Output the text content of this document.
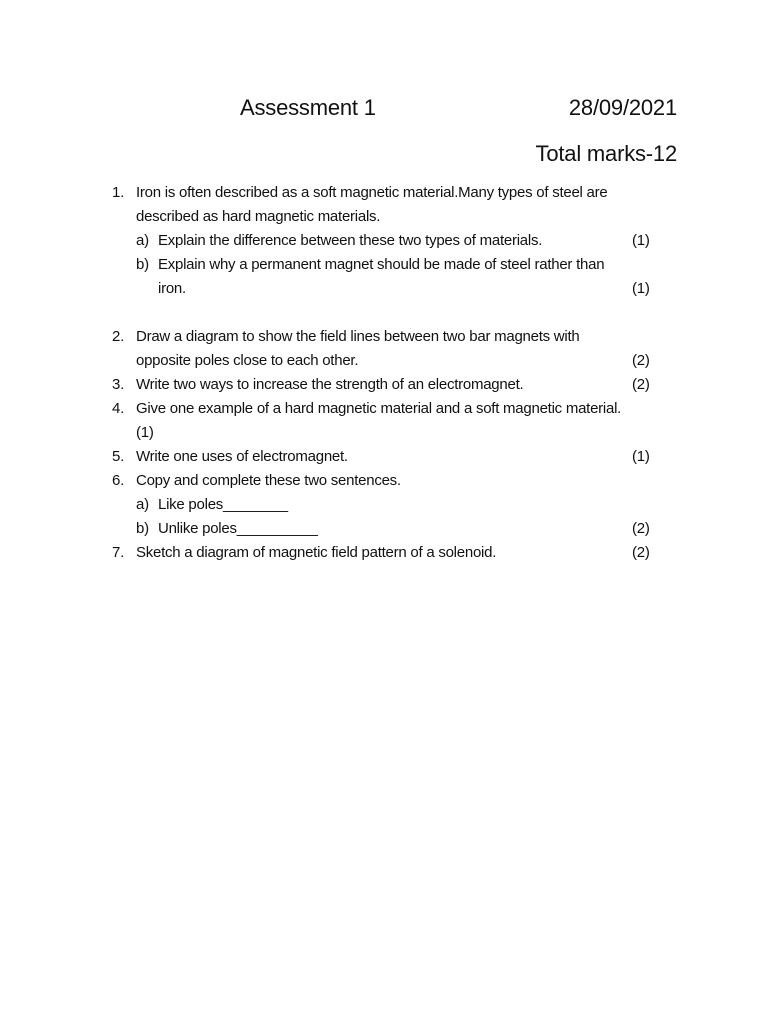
Assessment 1	28/09/2021
Total marks-12
1. Iron is often described as a soft magnetic material.Many types of steel are
described as hard magnetic materials.
a) Explain the difference between these two types of materials.	(1)
b) Explain why a permanent magnet should be made of steel rather than
iron.	(1)
2. Draw a diagram to show the field lines between two bar magnets with
opposite poles close to each other.	(2)
3. Write two ways to increase the strength of an electromagnet.	(2)
4. Give one example of a hard magnetic material and a soft magnetic material.
(1)
5. Write one uses of electromagnet.	(1)
6. Copy and complete these two sentences.
a) Like poles________
b) Unlike poles__________	(2)
7. Sketch a diagram of magnetic field pattern of a solenoid.	(2)
